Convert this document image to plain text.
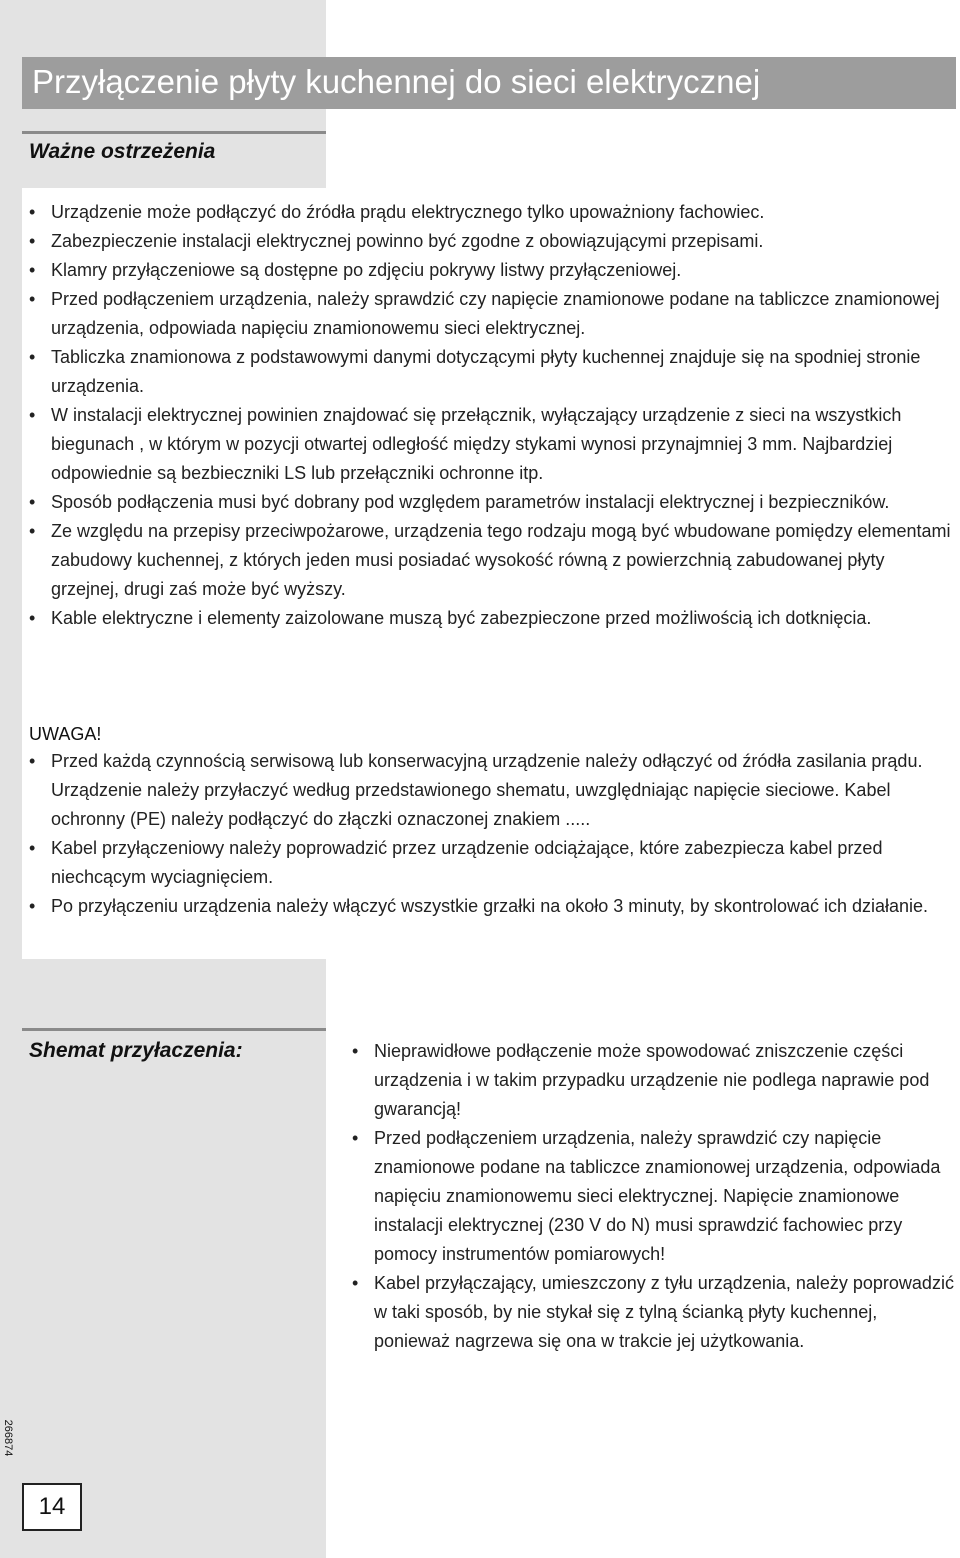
Przyłączenie płyty kuchennej do sieci elektrycznej
Ważne ostrzeżenia
• Urządzenie może podłączyć do źródła prądu elektrycznego tylko upoważniony fachowiec.
• Zabezpieczenie instalacji elektrycznej powinno być zgodne z obowiązującymi przepisami.
• Klamry przyłączeniowe są dostępne po zdjęciu pokrywy listwy przyłączeniowej.
• Przed podłączeniem urządzenia, należy sprawdzić czy napięcie znamionowe podane na tabliczce znamionowej urządzenia, odpowiada napięciu znamionowemu sieci elektrycznej.
• Tabliczka znamionowa z podstawowymi danymi dotyczącymi płyty kuchennej znajduje się na spodniej stronie urządzenia.
• W instalacji elektrycznej powinien znajdować się przełącznik, wyłączający urządzenie z sieci na wszystkich biegunach , w którym w pozycji otwartej odległość między stykami wynosi przynajmniej 3 mm. Najbardziej odpowiednie są bezbieczniki LS lub przełączniki ochronne itp.
• Sposób podłączenia musi być dobrany pod względem parametrów instalacji elektrycznej i bezpieczników.
• Ze względu na przepisy przeciwpożarowe, urządzenia tego rodzaju mogą być wbudowane pomiędzy elementami zabudowy kuchennej, z których jeden musi posiadać wysokość równą z powierzchnią zabudowanej płyty grzejnej, drugi zaś może być wyższy.
• Kable elektryczne i elementy zaizolowane muszą być zabezpieczone przed możliwością ich dotknięcia.
UWAGA!
• Przed każdą czynnością serwisową lub konserwacyjną urządzenie należy odłączyć od źródła zasilania prądu. Urządzenie należy przyłaczyć według przedstawionego shematu, uwzględniając napięcie sieciowe. Kabel ochronny (PE) należy podłączyć do złączki oznaczonej znakiem .....
• Kabel przyłączeniowy należy poprowadzić przez urządzenie odciążające, które zabezpiecza kabel przed niechcącym wyciagnięciem.
• Po przyłączeniu urządzenia należy włączyć wszystkie grzałki na około 3 minuty, by skontrolować ich działanie.
Shemat przyłaczenia:
•	Nieprawidłowe podłączenie może spowodować zniszczenie części urządzenia i w takim przypadku urządzenie nie podlega naprawie pod gwarancją!
• Przed podłączeniem urządzenia, należy sprawdzić czy napięcie znamionowe podane na tabliczce znamionowej urządzenia, odpowiada napięciu znamionowemu sieci elektrycznej. Napięcie znamionowe instalacji elektrycznej (230 V do N) musi sprawdzić fachowiec przy pomocy instrumentów pomiarowych!
• Kabel przyłączający, umieszczony z tyłu urządzenia, należy poprowadzić w taki sposób, by nie stykał się z tylną ścianką płyty kuchennej, ponieważ nagrzewa się ona w trakcie jej użytkowania.
266874
14
